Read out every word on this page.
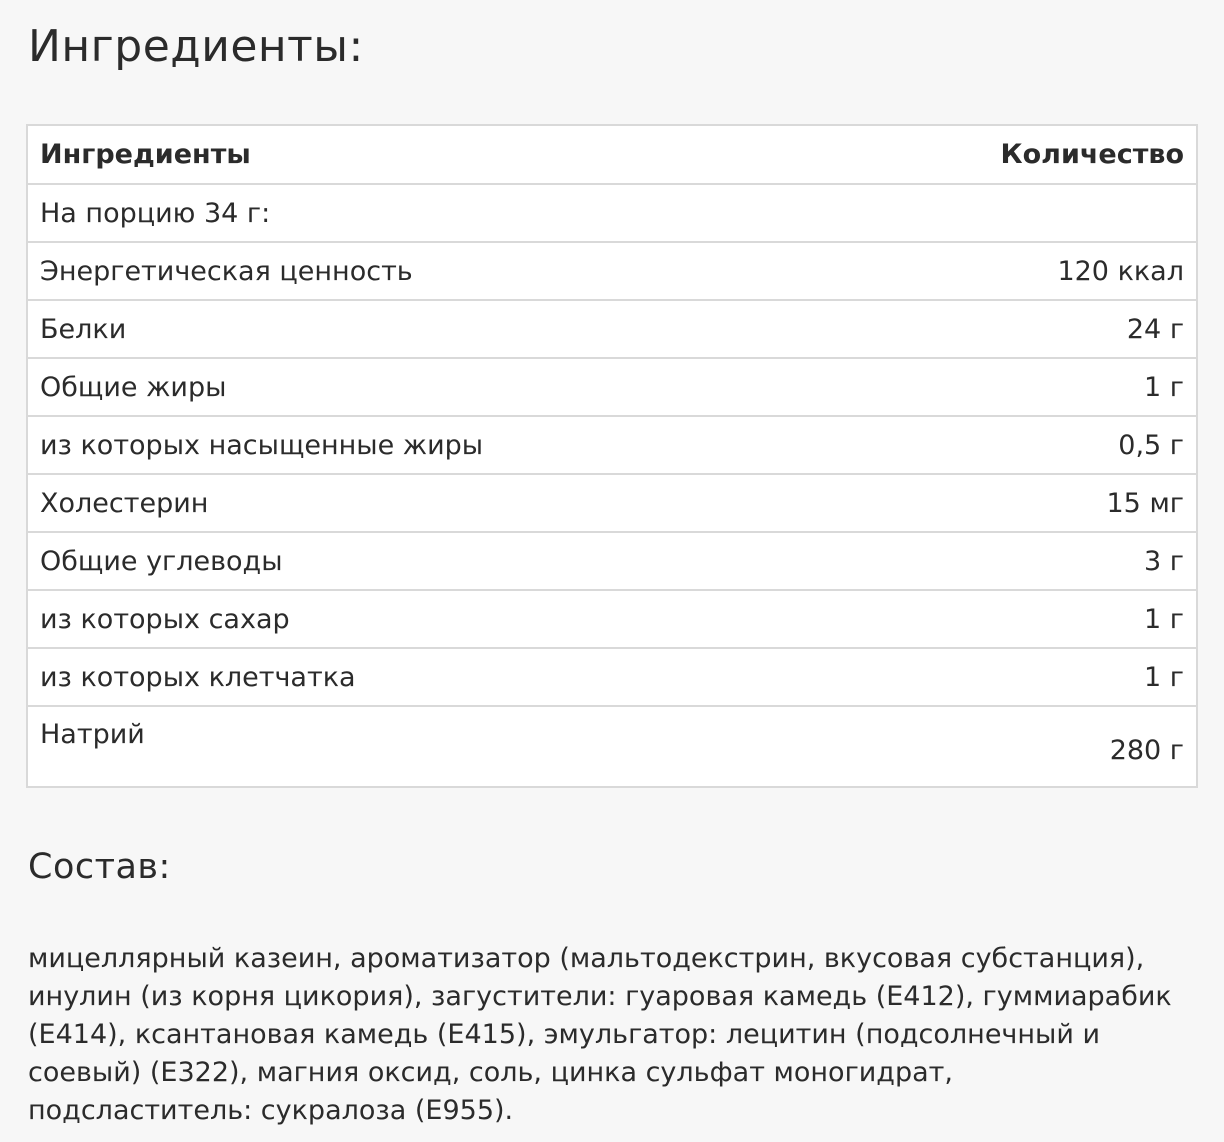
Ингредиенты:
Ингредиенты	Количество
На порцию 34 г:	
Энергетическая ценность	120 ккал
Белки	24 г
Общие жиры	1 г
из которых насыщенные жиры	0,5 г
Холестерин	15 мг
Общие углеводы	3 г
из которых сахар	1 г
из которых клетчатка	1 г
Натрий	280 г
Состав:

мицеллярный казеин, ароматизатор (мальтодекстрин, вкусовая субстанция), инулин (из корня цикория), загустители: гуаровая камедь (Е412), гуммиарабик (Е414), ксантановая камедь (Е415), эмульгатор: лецитин (подсолнечный и соевый) (Е322), магния оксид, соль, цинка сульфат моногидрат, подсластитель: сукралоза (Е955).
